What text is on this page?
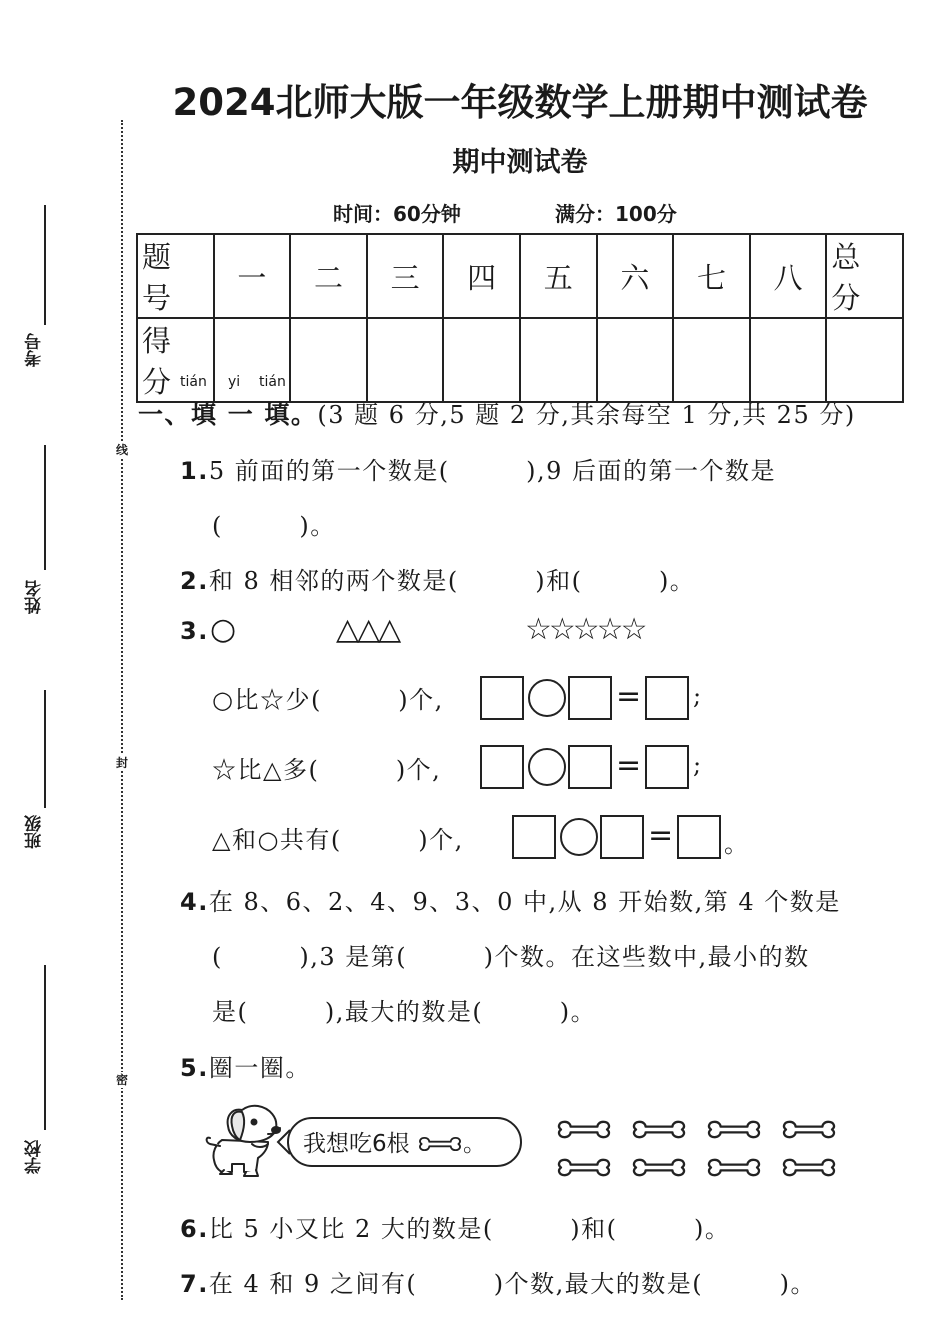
考号
姓名
班级
学校
线
封
密
2024北师大版一年级数学上册期中测试卷
期中测试卷
时间：60分钟	满分：100分
题号	一	二	三	四	五	六	七	八	总分
得分									tián yi tián
一、填 一 填。(3 题 6 分,5 题 2 分,其余每空 1 分,共 25 分)
1.5 前面的第一个数是(　　　),9 后面的第一个数是
(　　　)。
2.和 8 相邻的两个数是(　　　)和(　　　)。
3. ○	△△△	☆☆☆☆☆
○比☆少(　　　)个,	= ;
☆比△多(　　　)个,	= ;
△和○共有(　　　)个,	= 。
4.在 8、6、2、4、9、3、0 中,从 8 开始数,第 4 个数是
(　　　),3 是第(　　　)个数。在这些数中,最小的数
是(　　　),最大的数是(　　　)。
5.圈一圈。
我想吃6根 。
6.比 5 小又比 2 大的数是(　　　)和(　　　)。
7.在 4 和 9 之间有(　　　)个数,最大的数是(　　　)。
